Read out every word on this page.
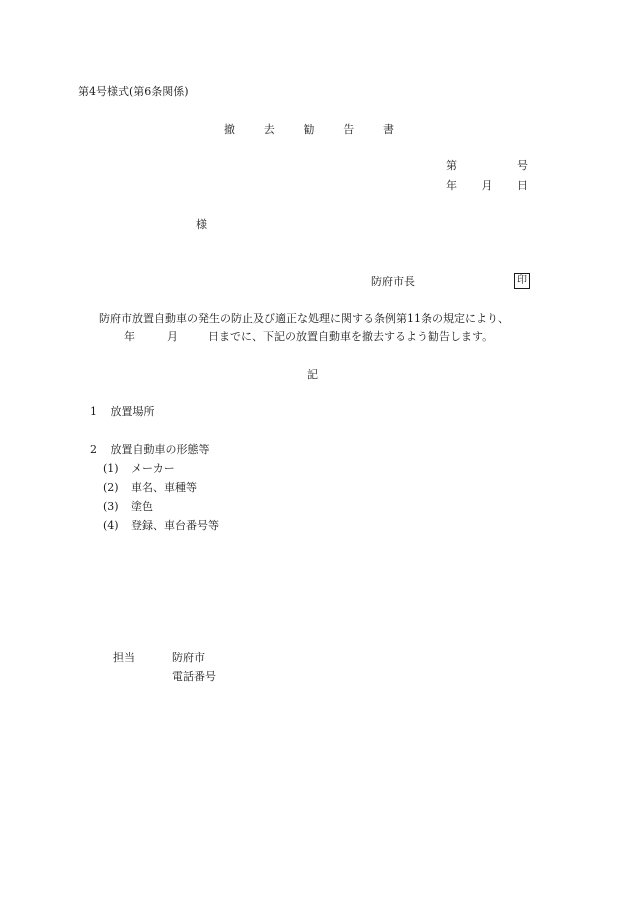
第4号様式(第6条関係)
撤	去	勧	告	書
第	号
年 月 日
様
防府市長	印
防府市放置自動車の発生の防止及び適正な処理に関する条例第11条の規定により、
年	月	日までに、下記の放置自動車を撤去するよう勧告します。
記
1 放置場所
2 放置自動車の形態等
(1)	メーカー
(2)	車名、車種等
(3)	塗色
(4)	登録、車台番号等
担当	防府市
電話番号
